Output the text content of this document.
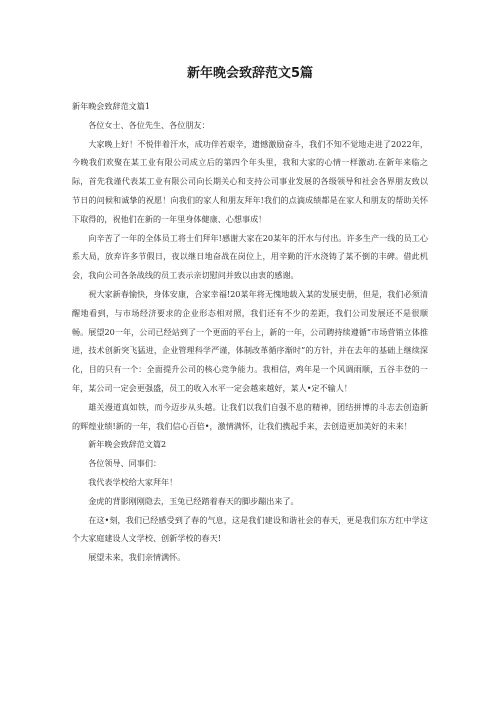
新年晚会致辞范文5篇

新年晚会致辞范文篇1

各位女士、各位先生、各位朋友：

大家晚上好！不悦伴着汗水，成功伴若艰辛，遗憾激励奋斗，我们不知不觉地走进了2022年，今晚我们欢聚在某工业有限公司成立后的第四个年头里，我和大家的心情一样激动.在新年来临之际，首先我谨代表某工业有限公司向长期关心和支持公司事业发展的各级领导和社会各界朋友致以节日的问候和诚挚的祝愿！向我们的家人和朋友拜年!我们的点滴成绩都是在家人和朋友的帮助关怀下取得的，祝他们在新的一年里身体健康、心想事成！

向辛苦了一年的全体员工将士们拜年!感谢大家在20某年的汗水与付出。许多生产一线的员工心系大局，放弃许多节假日，夜以继日地奋战在岗位上，用辛勤的汗水浇铸了某不倒的丰碑。借此机会，我向公司各条战线的员工表示亲切慰问并致以由衷的感谢。

祝大家新春愉快，身体安康，合家幸福!20某年将无愧地载入某的发展史册，但是，我们必须清醒地看到，与市场经济要求的企业形态相对照，我们还有不少的差距，我们公司发展还不是很顺畅。展望20一年，公司已经站到了一个更面的平台上，新的一年，公司聘持续遵循“市场营销立体推进，技术创新突飞猛进，企业管理科学严谨，体制改革循序渐时”的方针，并在去年的基础上继续深化，目的只有一个：全面提升公司的核心竞争能力。我相信，鸡年是一个风调雨顺，五谷丰登的一年，某公司一定会更强盛，员工的收入水平一定会越来越好，某人•定不输人！

雄关漫道真如铁，而今迈步从头越。让我们以我们自强不息的精神，团结拼博的斗志去创造新的辉煌业绩!新的一年，我们信心百倍•，激情满怀，让我们携起手来，去创造更加美好的未来！

新年晚会致辞范文篇2

各位领导、同事们：

我代表学校给大家拜年！

金虎的背影刚刚隐去，玉兔已经踏着春天的脚步蹦出来了。

在这•刻，我们已经感受到了春的气息，这是我们建设和谐社会的春天，更是我们东方红中学这个大家庭建设人文学校、创新学校的春天!

展望未来，我们亲情满怀。
